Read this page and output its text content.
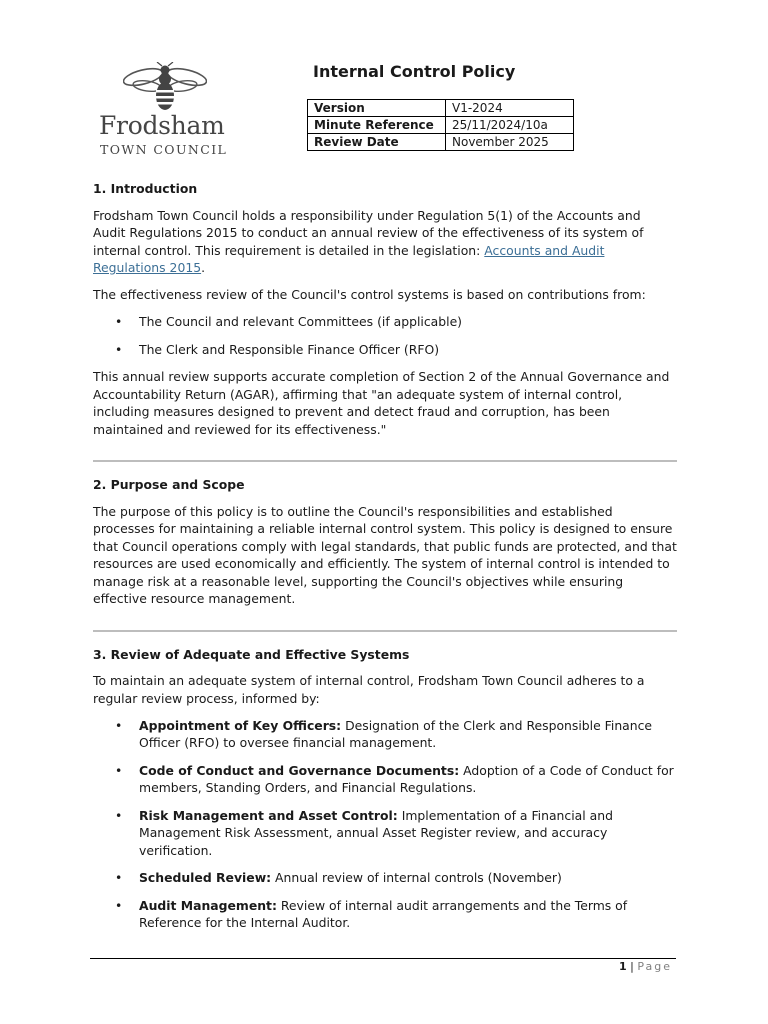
Frodsham
TOWN COUNCIL
Internal Control Policy
Version	V1-2024
Minute Reference	25/11/2024/10a
Review Date	November 2025
1. Introduction

Frodsham Town Council holds a responsibility under Regulation 5(1) of the Accounts and Audit Regulations 2015 to conduct an annual review of the effectiveness of its system of internal control. This requirement is detailed in the legislation: Accounts and Audit Regulations 2015.

The effectiveness review of the Council's control systems is based on contributions from:

• The Council and relevant Committees (if applicable)
• The Clerk and Responsible Finance Officer (RFO)

This annual review supports accurate completion of Section 2 of the Annual Governance and Accountability Return (AGAR), affirming that "an adequate system of internal control, including measures designed to prevent and detect fraud and corruption, has been maintained and reviewed for its effectiveness."

2. Purpose and Scope

The purpose of this policy is to outline the Council's responsibilities and established processes for maintaining a reliable internal control system. This policy is designed to ensure that Council operations comply with legal standards, that public funds are protected, and that resources are used economically and efficiently. The system of internal control is intended to manage risk at a reasonable level, supporting the Council's objectives while ensuring effective resource management.

3. Review of Adequate and Effective Systems

To maintain an adequate system of internal control, Frodsham Town Council adheres to a regular review process, informed by:

• Appointment of Key Officers: Designation of the Clerk and Responsible Finance Officer (RFO) to oversee financial management.
• Code of Conduct and Governance Documents: Adoption of a Code of Conduct for members, Standing Orders, and Financial Regulations.
• Risk Management and Asset Control: Implementation of a Financial and Management Risk Assessment, annual Asset Register review, and accuracy verification.
• Scheduled Review: Annual review of internal controls (November)
• Audit Management: Review of internal audit arrangements and the Terms of Reference for the Internal Auditor.
1 | Page
